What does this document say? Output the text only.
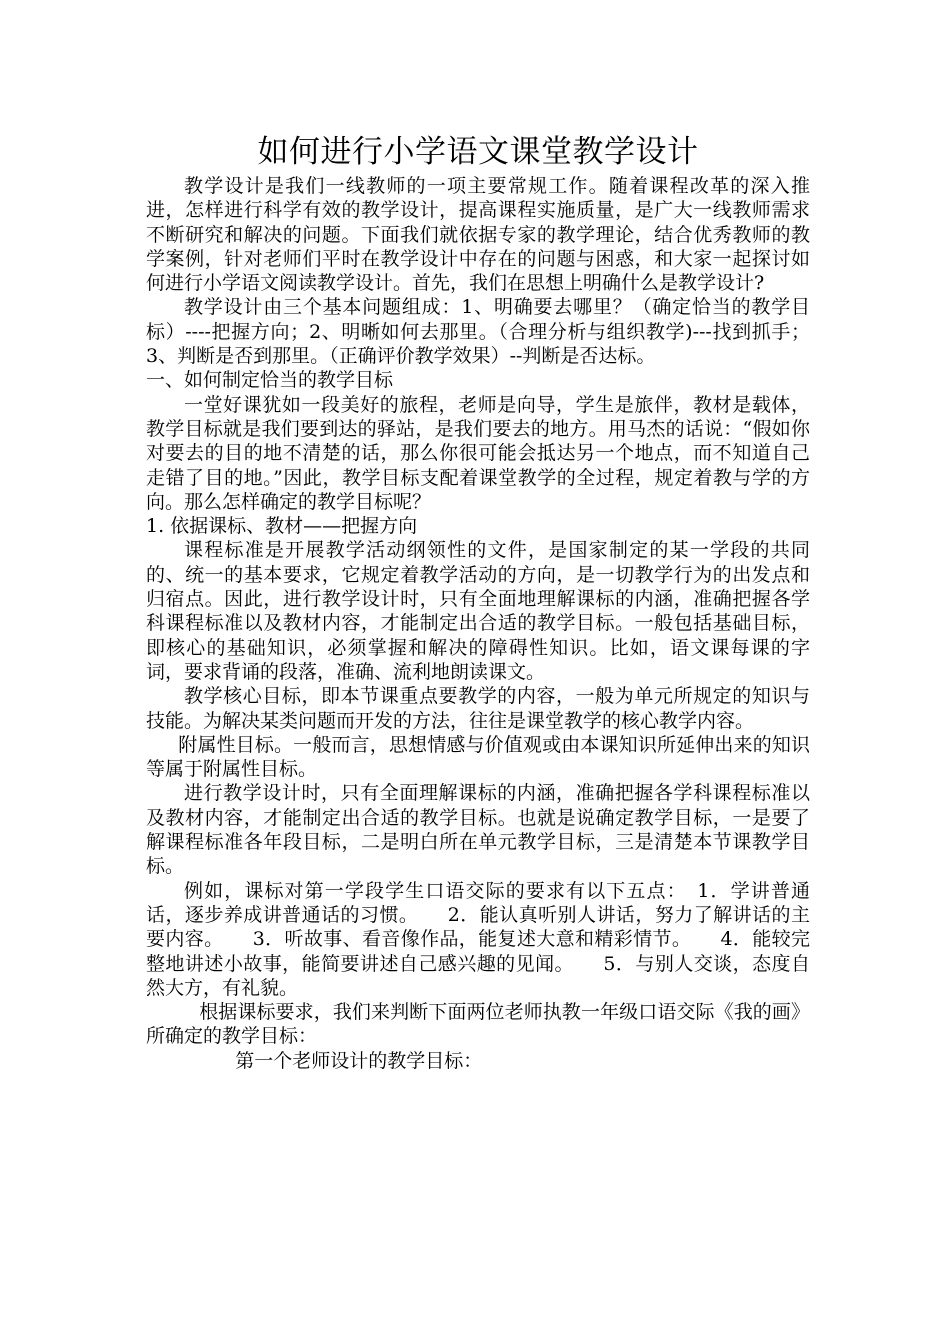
如何进行小学语文课堂教学设计

教学设计是我们一线教师的一项主要常规工作。随着课程改革的深入推进，怎样进行科学有效的教学设计，提高课程实施质量，是广大一线教师需求不断研究和解决的问题。下面我们就依据专家的教学理论，结合优秀教师的教学案例，针对老师们平时在教学设计中存在的问题与困惑，和大家一起探讨如何进行小学语文阅读教学设计。首先，我们在思想上明确什么是教学设计?

教学设计由三个基本问题组成：1、明确要去哪里？（确定恰当的教学目标）----把握方向；2、明晰如何去那里。（合理分析与组织教学)---找到抓手；3、判断是否到那里。（正确评价教学效果）--判断是否达标。

一、如何制定恰当的教学目标

一堂好课犹如一段美好的旅程，老师是向导，学生是旅伴，教材是载体，教学目标就是我们要到达的驿站，是我们要去的地方。用马杰的话说：“假如你对要去的目的地不清楚的话，那么你很可能会抵达另一个地点，而不知道自己走错了目的地。”因此，教学目标支配着课堂教学的全过程，规定着教与学的方向。那么怎样确定的教学目标呢？

1. 依据课标、教材——把握方向

课程标准是开展教学活动纲领性的文件，是国家制定的某一学段的共同的、统一的基本要求，它规定着教学活动的方向，是一切教学行为的出发点和归宿点。因此，进行教学设计时，只有全面地理解课标的内涵，准确把握各学科课程标准以及教材内容，才能制定出合适的教学目标。一般包括基础目标，即核心的基础知识，必须掌握和解决的障碍性知识。比如，语文课每课的字词，要求背诵的段落，准确、流利地朗读课文。

教学核心目标，即本节课重点要教学的内容，一般为单元所规定的知识与技能。为解决某类问题而开发的方法，往往是课堂教学的核心教学内容。

附属性目标。一般而言，思想情感与价值观或由本课知识所延伸出来的知识等属于附属性目标。

进行教学设计时，只有全面理解课标的内涵，准确把握各学科课程标准以及教材内容，才能制定出合适的教学目标。也就是说确定教学目标，一是要了解课程标准各年段目标，二是明白所在单元教学目标，三是清楚本节课教学目标。

例如，课标对第一学段学生口语交际的要求有以下五点：　1．学讲普通话，逐步养成讲普通话的习惯。　　2．能认真听别人讲话，努力了解讲话的主要内容。　　3．听故事、看音像作品，能复述大意和精彩情节。　　4．能较完整地讲述小故事，能简要讲述自己感兴趣的见闻。　　5．与别人交谈，态度自然大方，有礼貌。

根据课标要求，我们来判断下面两位老师执教一年级口语交际《我的画》所确定的教学目标：

第一个老师设计的教学目标：
